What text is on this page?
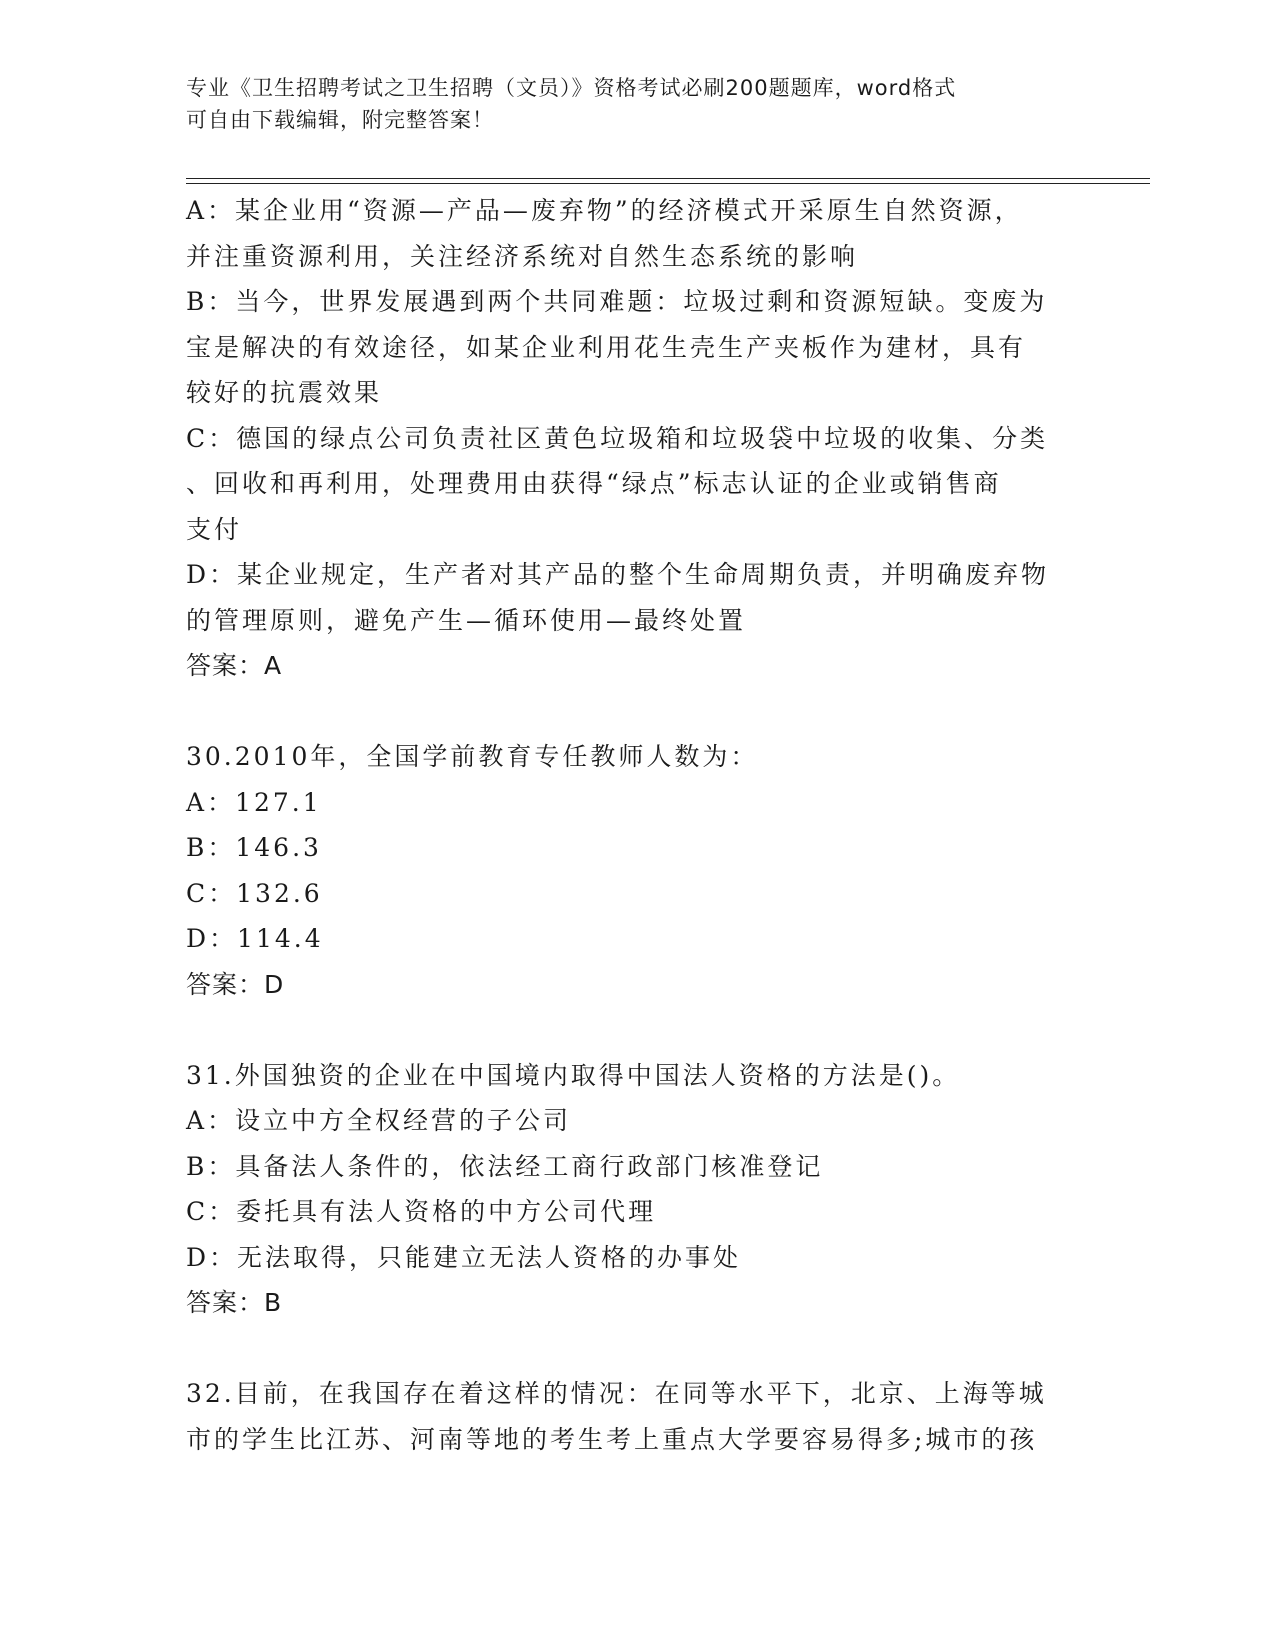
专业《卫生招聘考试之卫生招聘（文员）》资格考试必刷200题题库，word格式
可自由下载编辑，附完整答案！
A：某企业用“资源—产品—废弃物”的经济模式开采原生自然资源，
并注重资源利用，关注经济系统对自然生态系统的影响
B：当今，世界发展遇到两个共同难题：垃圾过剩和资源短缺。变废为
宝是解决的有效途径，如某企业利用花生壳生产夹板作为建材，具有
较好的抗震效果
C：德国的绿点公司负责社区黄色垃圾箱和垃圾袋中垃圾的收集、分类
、回收和再利用，处理费用由获得“绿点”标志认证的企业或销售商
支付
D：某企业规定，生产者对其产品的整个生命周期负责，并明确废弃物
的管理原则，避免产生—循环使用—最终处置
答案：A
30.2010年，全国学前教育专任教师人数为：
A：127.1
B：146.3
C：132.6
D：114.4
答案：D
31.外国独资的企业在中国境内取得中国法人资格的方法是()。
A：设立中方全权经营的子公司
B：具备法人条件的，依法经工商行政部门核准登记
C：委托具有法人资格的中方公司代理
D：无法取得，只能建立无法人资格的办事处
答案：B
32.目前，在我国存在着这样的情况：在同等水平下，北京、上海等城
市的学生比江苏、河南等地的考生考上重点大学要容易得多;城市的孩
